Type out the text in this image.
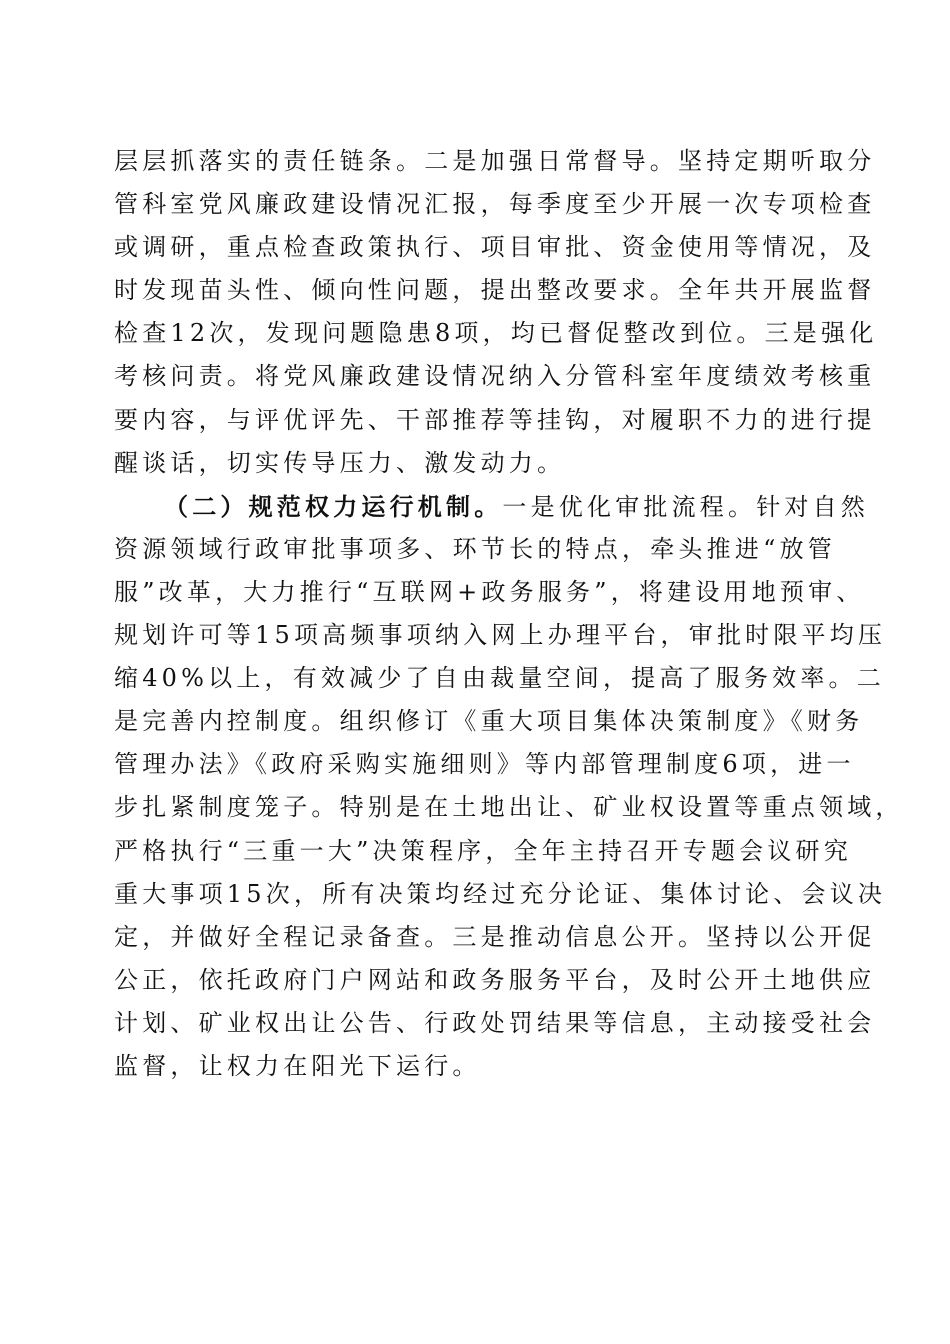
层层抓落实的责任链条。二是加强日常督导。坚持定期听取分
管科室党风廉政建设情况汇报，每季度至少开展一次专项检查
或调研，重点检查政策执行、项目审批、资金使用等情况，及
时发现苗头性、倾向性问题，提出整改要求。全年共开展监督
检查12次，发现问题隐患8项，均已督促整改到位。三是强化
考核问责。将党风廉政建设情况纳入分管科室年度绩效考核重
要内容，与评优评先、干部推荐等挂钩，对履职不力的进行提
醒谈话，切实传导压力、激发动力。
（二）规范权力运行机制。一是优化审批流程。针对自然
资源领域行政审批事项多、环节长的特点，牵头推进“放管
服”改革，大力推行“互联网+政务服务”，将建设用地预审、
规划许可等15项高频事项纳入网上办理平台，审批时限平均压
缩40%以上，有效减少了自由裁量空间，提高了服务效率。二
是完善内控制度。组织修订《重大项目集体决策制度》《财务
管理办法》《政府采购实施细则》等内部管理制度6项，进一
步扎紧制度笼子。特别是在土地出让、矿业权设置等重点领域，
严格执行“三重一大”决策程序，全年主持召开专题会议研究
重大事项15次，所有决策均经过充分论证、集体讨论、会议决
定，并做好全程记录备查。三是推动信息公开。坚持以公开促
公正，依托政府门户网站和政务服务平台，及时公开土地供应
计划、矿业权出让公告、行政处罚结果等信息，主动接受社会
监督，让权力在阳光下运行。
